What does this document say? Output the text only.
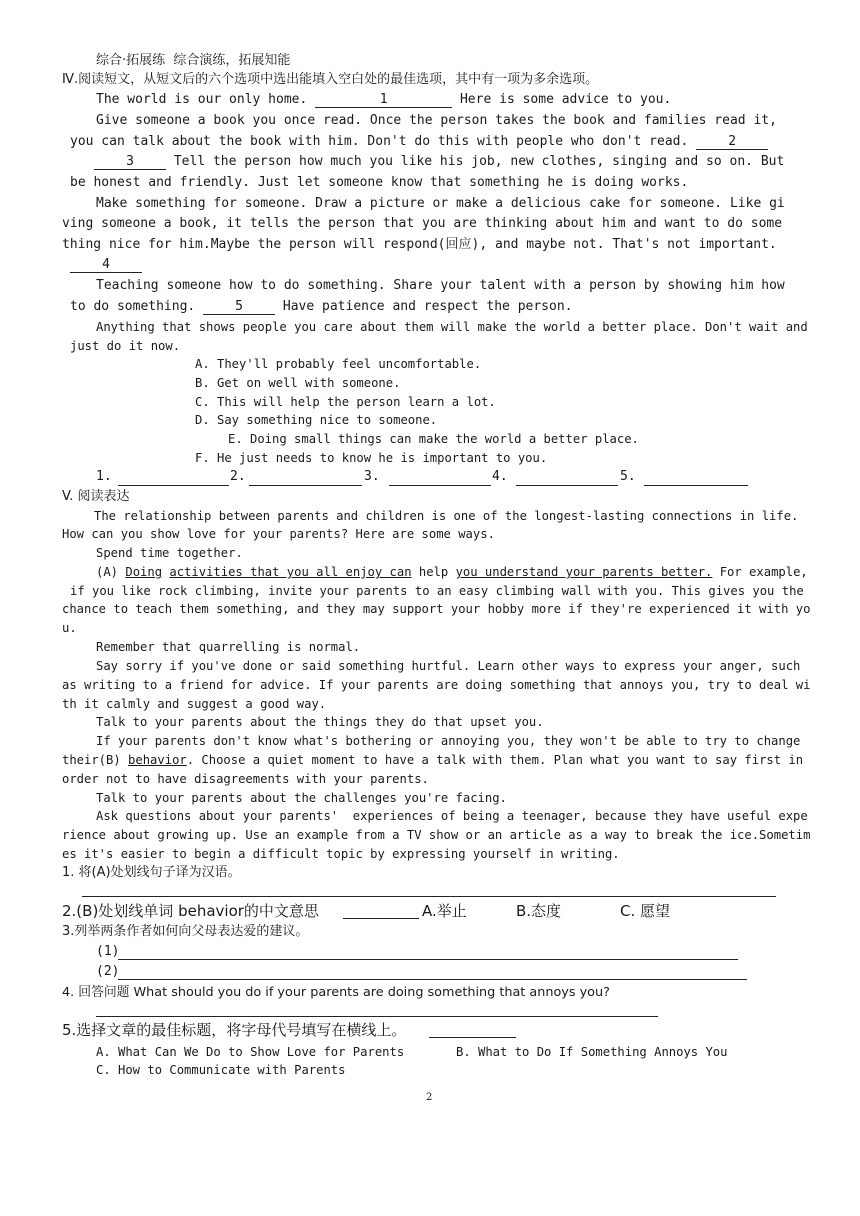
综合·拓展练  综合演练，拓展知能
Ⅳ.阅读短文，从短文后的六个选项中选出能填入空白处的最佳选项，其中有一项为多余选项。
The world is our only home.	1	Here is some advice to you.
Give someone a book you once read. Once the person takes the book and families read it,
you can talk about the book with him. Don't do this with people who don't read. 2
3 Tell the person how much you like his job, new clothes, singing and so on. But
be honest and friendly. Just let someone know that something he is doing works.
Make something for someone. Draw a picture or make a delicious cake for someone. Like gi
ving someone a book, it tells the person that you are thinking about him and want to do some
thing nice for him.Maybe the person will respond(回应), and maybe not. That's not important.
4
Teaching someone how to do something. Share your talent with a person by showing him how
to do something. 5 Have patience and respect the person.
Anything that shows people you care about them will make the world a better place. Don't wait and
just do it now.
A. They'll probably feel uncomfortable.
B. Get on well with someone.
C. This will help the person learn a lot.
D. Say something nice to someone.
E. Doing small things can make the world a better place.
F. He just needs to know he is important to you.
1.	2.	3.	4.	5.
V. 阅读表达
The relationship between parents and children is one of the longest-lasting connections in life.
How can you show love for your parents? Here are some ways.
Spend time together.
(A) Doing activities that you all enjoy can help you understand your parents better. For example,
if you like rock climbing, invite your parents to an easy climbing wall with you. This gives you the
chance to teach them something, and they may support your hobby more if they're experienced it with yo
u.
Remember that quarrelling is normal.
Say sorry if you've done or said something hurtful. Learn other ways to express your anger, such
as writing to a friend for advice. If your parents are doing something that annoys you, try to deal wi
th it calmly and suggest a good way.
Talk to your parents about the things they do that upset you.
If your parents don't know what's bothering or annoying you, they won't be able to try to change
their(B) behavior. Choose a quiet moment to have a talk with them. Plan what you want to say first in
order not to have disagreements with your parents.
Talk to your parents about the challenges you're facing.
Ask questions about your parents'  experiences of being a teenager, because they have useful expe
rience about growing up. Use an example from a TV show or an article as a way to break the ice.Sometim
es it's easier to begin a difficult topic by expressing yourself in writing.
1. 将(A)处划线句子译为汉语。
2.(B)处划线单词 behavior的中文意思	A.举止	B.态度	C. 愿望
3.列举两条作者如何向父母表达爱的建议。
(1)
(2)
4. 回答问题 What should you do if your parents are doing something that annoys you?
5.选择文章的最佳标题，将字母代号填写在横线上。
A. What Can We Do to Show Love for Parents	B. What to Do If Something Annoys You
C. How to Communicate with Parents
2
